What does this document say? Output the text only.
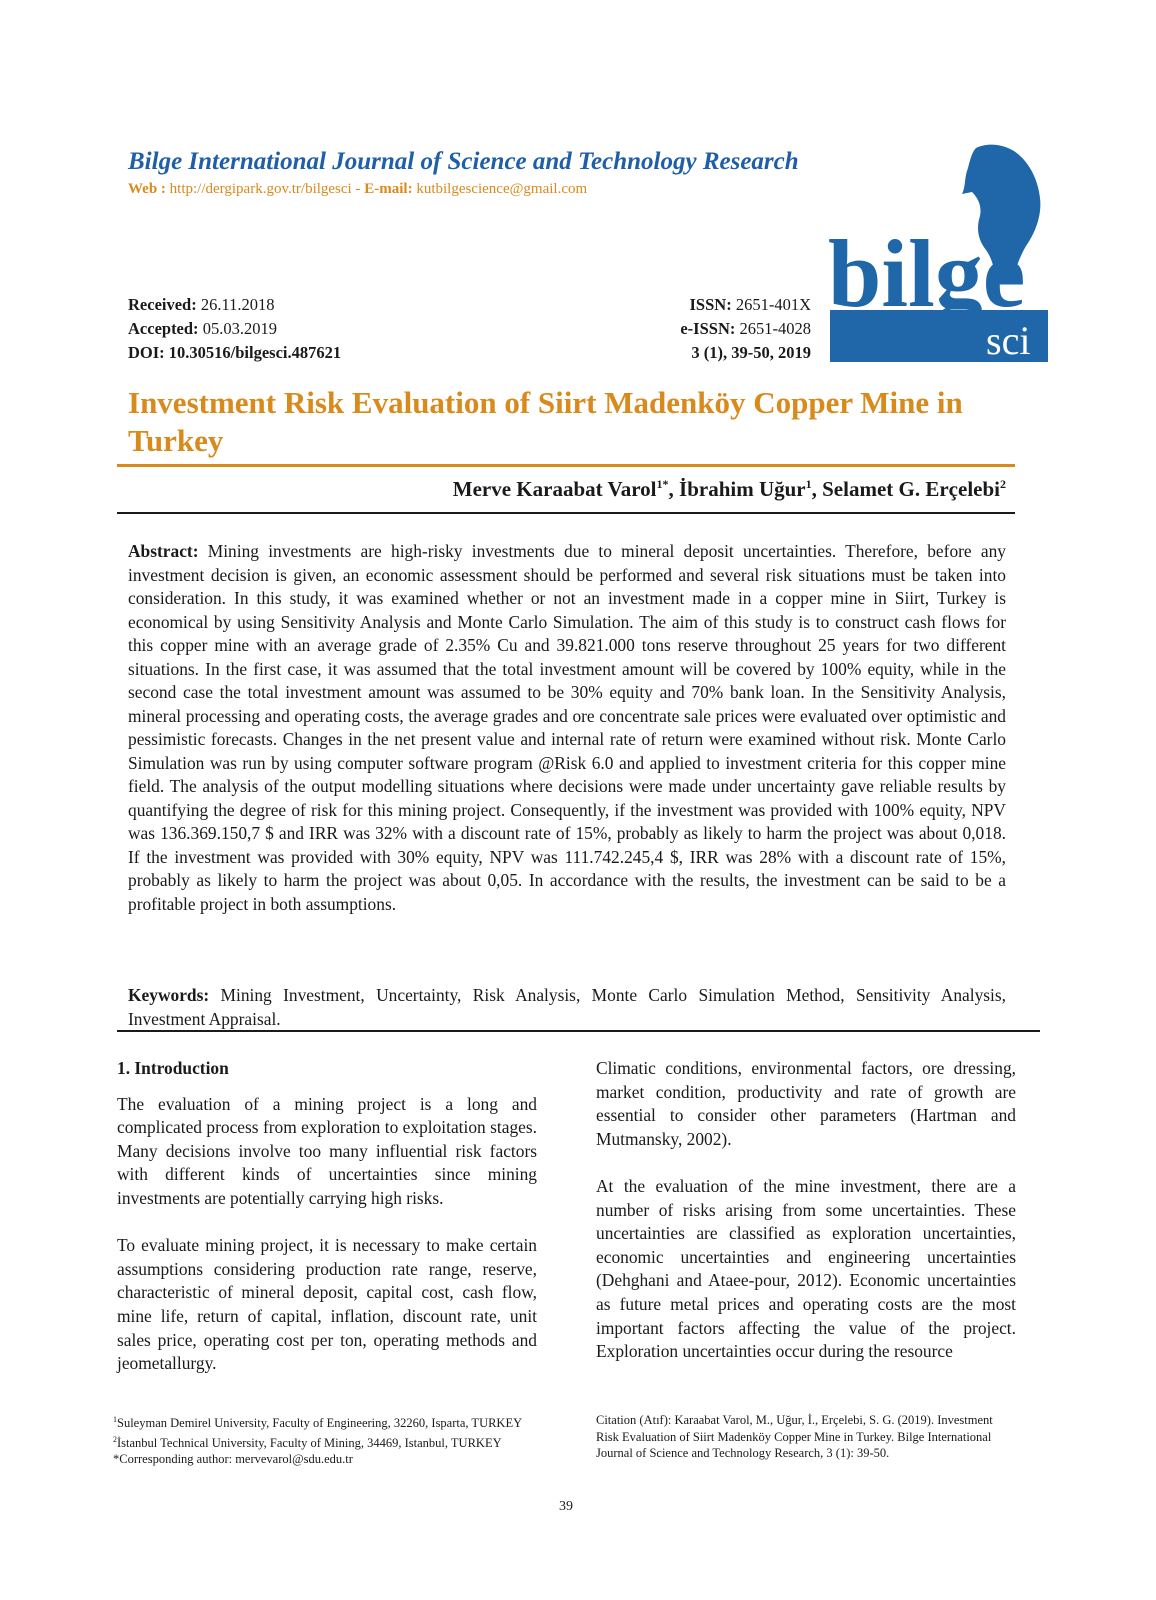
Bilge International Journal of Science and Technology Research
Web : http://dergipark.gov.tr/bilgesci - E-mail: kutbilgescience@gmail.com
bilge
sci
Received: 26.11.2018
Accepted: 05.03.2019
DOI: 10.30516/bilgesci.487621
ISSN: 2651-401X
e-ISSN: 2651-4028
3 (1), 39-50, 2019
Investment Risk Evaluation of Siirt Madenköy Copper Mine in Turkey
Merve Karaabat Varol$^{1*}$, İbrahim Uğur$^1$, Selamet G. Erçelebi$^2$
Abstract: Mining investments are high-risky investments due to mineral deposit uncertainties. Therefore, before any investment decision is given, an economic assessment should be performed and several risk situations must be taken into consideration. In this study, it was examined whether or not an investment made in a copper mine in Siirt, Turkey is economical by using Sensitivity Analysis and Monte Carlo Simulation. The aim of this study is to construct cash flows for this copper mine with an average grade of 2.35% Cu and 39.821.000 tons reserve throughout 25 years for two different situations. In the first case, it was assumed that the total investment amount will be covered by 100% equity, while in the second case the total investment amount was assumed to be 30% equity and 70% bank loan. In the Sensitivity Analysis, mineral processing and operating costs, the average grades and ore concentrate sale prices were evaluated over optimistic and pessimistic forecasts. Changes in the net present value and internal rate of return were examined without risk. Monte Carlo Simulation was run by using computer software program @Risk 6.0 and applied to investment criteria for this copper mine field. The analysis of the output modelling situations where decisions were made under uncertainty gave reliable results by quantifying the degree of risk for this mining project. Consequently, if the investment was provided with 100% equity, NPV was 136.369.150,7 $ and IRR was 32% with a discount rate of 15%, probably as likely to harm the project was about 0,018. If the investment was provided with 30% equity, NPV was 111.742.245,4 $, IRR was 28% with a discount rate of 15%, probably as likely to harm the project was about 0,05. In accordance with the results, the investment can be said to be a profitable project in both assumptions.
Keywords: Mining Investment, Uncertainty, Risk Analysis, Monte Carlo Simulation Method, Sensitivity Analysis, Investment Appraisal.
1. Introduction

The evaluation of a mining project is a long and complicated process from exploration to exploitation stages. Many decisions involve too many influential risk factors with different kinds of uncertainties since mining investments are potentially carrying high risks.

To evaluate mining project, it is necessary to make certain assumptions considering production rate range, reserve, characteristic of mineral deposit, capital cost, cash flow, mine life, return of capital, inflation, discount rate, unit sales price, operating cost per ton, operating methods and jeometallurgy.

Climatic conditions, environmental factors, ore dressing, market condition, productivity and rate of growth are essential to consider other parameters (Hartman and Mutmansky, 2002).

At the evaluation of the mine investment, there are a number of risks arising from some uncertainties. These uncertainties are classified as exploration uncertainties, economic uncertainties and engineering uncertainties (Dehghani and Ataee-pour, 2012). Economic uncertainties as future metal prices and operating costs are the most important factors affecting the value of the project. Exploration uncertainties occur during the resource

$^1$Suleyman Demirel University, Faculty of Engineering, 32260, Isparta, TURKEY
$^2$İstanbul Technical University, Faculty of Mining, 34469, Istanbul, TURKEY
*Corresponding author: mervevarol@sdu.edu.tr
Citation (Atıf): Karaabat Varol, M., Uğur, İ., Erçelebi, S. G. (2019). Investment Risk Evaluation of Siirt Madenköy Copper Mine in Turkey. Bilge International Journal of Science and Technology Research, 3 (1): 39-50.
39
